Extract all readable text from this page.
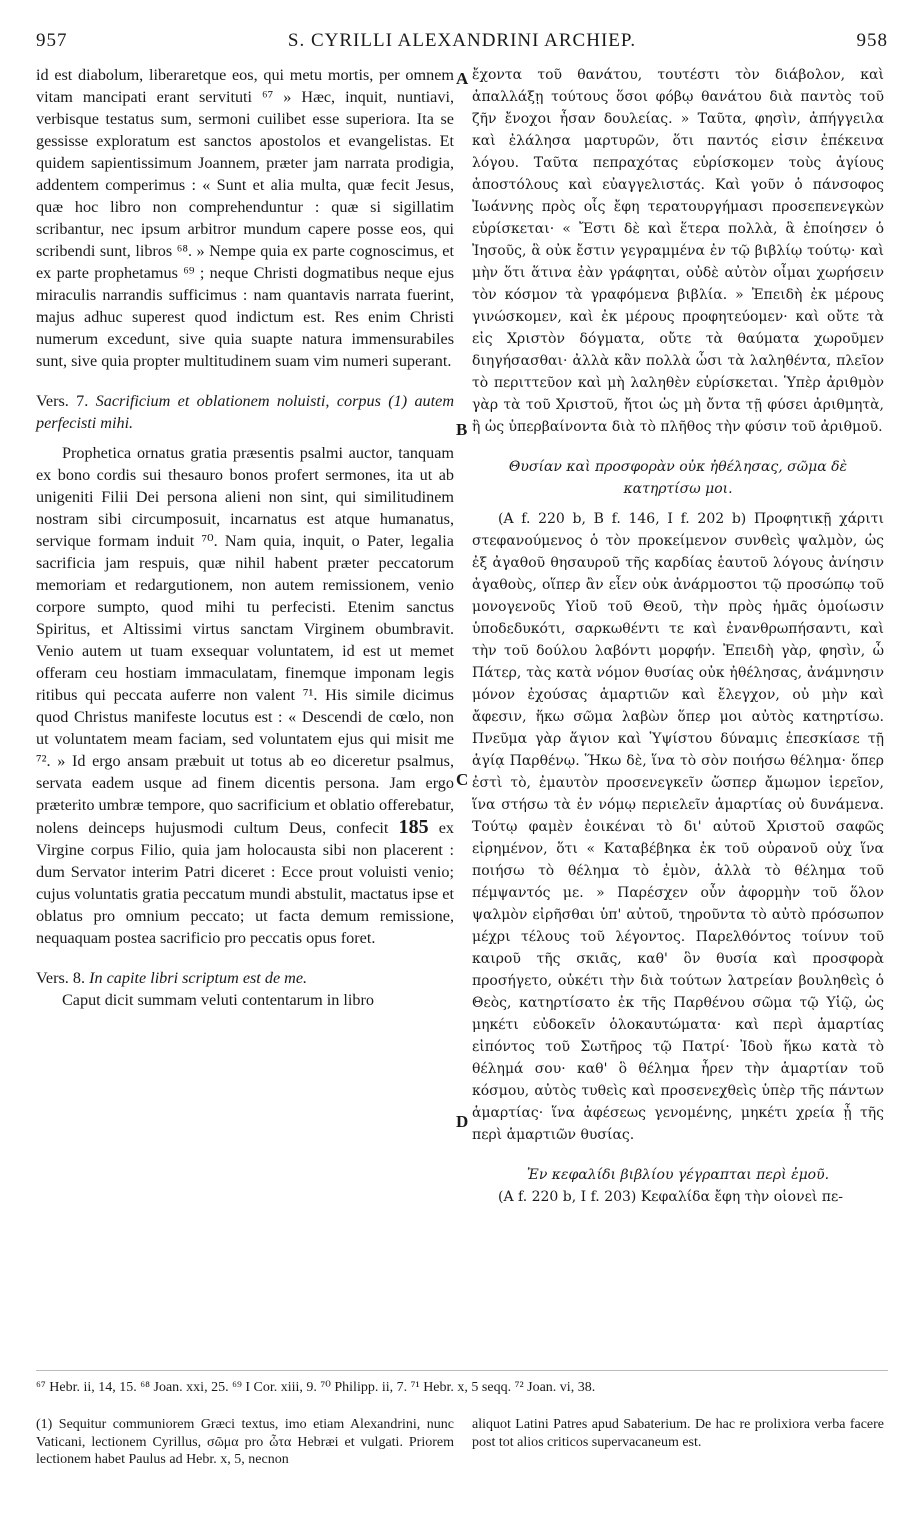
957	S. CYRILLI ALEXANDRINI ARCHIEP.	958
A
B
C
D

id est diabolum, liberaretque eos, qui metu mortis, per omnem vitam mancipati erant servituti ⁶⁷ » Hæc, inquit, nuntiavi, verbisque testatus sum, sermoni cuilibet esse superiora. Ita se gessisse exploratum est sanctos apostolos et evangelistas. Et quidem sapientissimum Joannem, præter jam narrata prodigia, addentem comperimus : « Sunt et alia multa, quæ fecit Jesus, quæ hoc libro non comprehenduntur : quæ si sigillatim scribantur, nec ipsum arbitror mundum capere posse eos, qui scribendi sunt, libros ⁶⁸. » Nempe quia ex parte cognoscimus, et ex parte prophetamus ⁶⁹ ; neque Christi dogmatibus neque ejus miraculis narrandis sufficimus : nam quantavis narrata fuerint, majus adhuc superest quod indictum est. Res enim Christi numerum excedunt, sive quia suapte natura immensurabiles sunt, sive quia propter multitudinem suam vim numeri superant.

Vers. 7. Sacrificium et oblationem noluisti, corpus (1) autem perfecisti mihi.

Prophetica ornatus gratia præsentis psalmi auctor, tanquam ex bono cordis sui thesauro bonos profert sermones, ita ut ab unigeniti Filii Dei persona alieni non sint, qui similitudinem nostram sibi circumposuit, incarnatus est atque humanatus, servique formam induit ⁷⁰. Nam quia, inquit, o Pater, legalia sacrificia jam respuis, quæ nihil habent præter peccatorum memoriam et redargutionem, non autem remissionem, venio corpore sumpto, quod mihi tu perfecisti. Etenim sanctus Spiritus, et Altissimi virtus sanctam Virginem obumbravit. Venio autem ut tuam exsequar voluntatem, id est ut memet offeram ceu hostiam immaculatam, finemque imponam legis ritibus qui peccata auferre non valent ⁷¹. His simile dicimus quod Christus manifeste locutus est : « Descendi de cœlo, non ut voluntatem meam faciam, sed voluntatem ejus qui misit me ⁷². » Id ergo ansam præbuit ut totus ab eo diceretur psalmus, servata eadem usque ad finem dicentis persona. Jam ergo præterito umbræ tempore, quo sacrificium et oblatio offerebatur, nolens deinceps hujusmodi cultum Deus, confecit 185 ex Virgine corpus Filio, quia jam holocausta sibi non placerent : dum Servator interim Patri diceret : Ecce prout voluisti venio; cujus voluntatis gratia peccatum mundi abstulit, mactatus ipse et oblatus pro omnium peccato; ut facta demum remissione, nequaquam postea sacrificio pro peccatis opus foret.

Vers. 8. In capite libri scriptum est de me.

Caput dicit summam veluti contentarum in libro

ἔχοντα τοῦ θανάτου, τουτέστι τὸν διάβολον, καὶ ἀπαλλάξῃ τούτους ὅσοι φόβῳ θανάτου διὰ παντὸς τοῦ ζῆν ἔνοχοι ἦσαν δουλείας. » Ταῦτα, φησὶν, ἀπήγγειλα καὶ ἐλάλησα μαρτυρῶν, ὅτι παντός εἰσιν ἐπέκεινα λόγου. Ταῦτα πεπραχότας εὑρίσκομεν τοὺς ἁγίους ἀποστόλους καὶ εὐαγγελιστάς. Καὶ γοῦν ὁ πάνσοφος Ἰωάννης πρὸς οἷς ἔφη τερατουργήμασι προσεπενεγκὼν εὑρίσκεται· « Ἔστι δὲ καὶ ἕτερα πολλὰ, ἃ ἐποίησεν ὁ Ἰησοῦς, ἃ οὐκ ἔστιν γεγραμμένα ἐν τῷ βιβλίῳ τούτῳ· καὶ μὴν ὅτι ἅτινα ἐὰν γράφηται, οὐδὲ αὐτὸν οἶμαι χωρήσειν τὸν κόσμον τὰ γραφόμενα βιβλία. » Ἐπειδὴ ἐκ μέρους γινώσκομεν, καὶ ἐκ μέρους προφητεύομεν· καὶ οὔτε τὰ εἰς Χριστὸν δόγματα, οὔτε τὰ θαύματα χωροῦμεν διηγήσασθαι· ἀλλὰ κἂν πολλὰ ὦσι τὰ λαληθέντα, πλεῖον τὸ περιττεῦον καὶ μὴ λαληθὲν εὑρίσκεται. Ὑπὲρ ἀριθμὸν γὰρ τὰ τοῦ Χριστοῦ, ἤτοι ὡς μὴ ὄντα τῇ φύσει ἀριθμητὰ, ἢ ὡς ὑπερβαίνοντα διὰ τὸ πλῆθος τὴν φύσιν τοῦ ἀριθμοῦ.

Θυσίαν καὶ προσφορὰν οὐκ ἠθέλησας, σῶμα δὲ κατηρτίσω μοι.

(A f. 220 b, B f. 146, I f. 202 b) Προφητικῇ χάριτι στεφανούμενος ὁ τὸν προκείμενον συνθεὶς ψαλμὸν, ὡς ἐξ ἀγαθοῦ θησαυροῦ τῆς καρδίας ἑαυτοῦ λόγους ἀνίησιν ἀγαθοὺς, οἵπερ ἂν εἶεν οὐκ ἀνάρμοστοι τῷ προσώπῳ τοῦ μονογενοῦς Υἱοῦ τοῦ Θεοῦ, τὴν πρὸς ἡμᾶς ὁμοίωσιν ὑποδεδυκότι, σαρκωθέντι τε καὶ ἐνανθρωπήσαντι, καὶ τὴν τοῦ δούλου λαβόντι μορφήν. Ἐπειδὴ γὰρ, φησὶν, ὦ Πάτερ, τὰς κατὰ νόμον θυσίας οὐκ ἠθέλησας, ἀνάμνησιν μόνον ἐχούσας ἁμαρτιῶν καὶ ἔλεγχον, οὐ μὴν καὶ ἄφεσιν, ἥκω σῶμα λαβὼν ὅπερ μοι αὐτὸς κατηρτίσω. Πνεῦμα γὰρ ἅγιον καὶ Ὑψίστου δύναμις ἐπεσκίασε τῇ ἁγίᾳ Παρθένῳ. Ἥκω δὲ, ἵνα τὸ σὸν ποιήσω θέλημα· ὅπερ ἐστὶ τὸ, ἐμαυτὸν προσενεγκεῖν ὥσπερ ἄμωμον ἱερεῖον, ἵνα στήσω τὰ ἐν νόμῳ περιελεῖν ἁμαρτίας οὐ δυνάμενα. Τούτῳ φαμὲν ἐοικέναι τὸ δι' αὐτοῦ Χριστοῦ σαφῶς εἰρημένον, ὅτι « Καταβέβηκα ἐκ τοῦ οὐρανοῦ οὐχ ἵνα ποιήσω τὸ θέλημα τὸ ἐμὸν, ἀλλὰ τὸ θέλημα τοῦ πέμψαντός με. » Παρέσχεν οὖν ἀφορμὴν τοῦ ὅλον ψαλμὸν εἰρῆσθαι ὑπ' αὐτοῦ, τηροῦντα τὸ αὐτὸ πρόσωπον μέχρι τέλους τοῦ λέγοντος. Παρελθόντος τοίνυν τοῦ καιροῦ τῆς σκιᾶς, καθ' ὃν θυσία καὶ προσφορὰ προσήγετο, οὐκέτι τὴν διὰ τούτων λατρείαν βουληθεὶς ὁ Θεὸς, κατηρτίσατο ἐκ τῆς Παρθένου σῶμα τῷ Υἱῷ, ὡς μηκέτι εὐδοκεῖν ὁλοκαυτώματα· καὶ περὶ ἁμαρτίας εἰπόντος τοῦ Σωτῆρος τῷ Πατρί· Ἰδοὺ ἥκω κατὰ τὸ θέλημά σου· καθ' ὃ θέλημα ἦρεν τὴν ἁμαρτίαν τοῦ κόσμου, αὐτὸς τυθεὶς καὶ προσενεχθεὶς ὑπὲρ τῆς πάντων ἁμαρτίας· ἵνα ἀφέσεως γενομένης, μηκέτι χρεία ᾖ τῆς περὶ ἁμαρτιῶν θυσίας.

Ἐν κεφαλίδι βιβλίου γέγραπται περὶ ἐμοῦ.

(A f. 220 b, I f. 203) Κεφαλίδα ἔφη τὴν οἱονεὶ πε-

⁶⁷ Hebr. ii, 14, 15. ⁶⁸ Joan. xxi, 25. ⁶⁹ I Cor. xiii, 9. ⁷⁰ Philipp. ii, 7. ⁷¹ Hebr. x, 5 seqq. ⁷² Joan. vi, 38.
(1) Sequitur communiorem Græci textus, imo etiam Alexandrini, nunc Vaticani, lectionem Cyrillus, σῶμα pro ὦτα Hebræi et vulgati. Priorem lectionem habet Paulus ad Hebr. x, 5, necnon
aliquot Latini Patres apud Sabaterium. De hac re prolixiora verba facere post tot alios criticos supervacaneum est.
